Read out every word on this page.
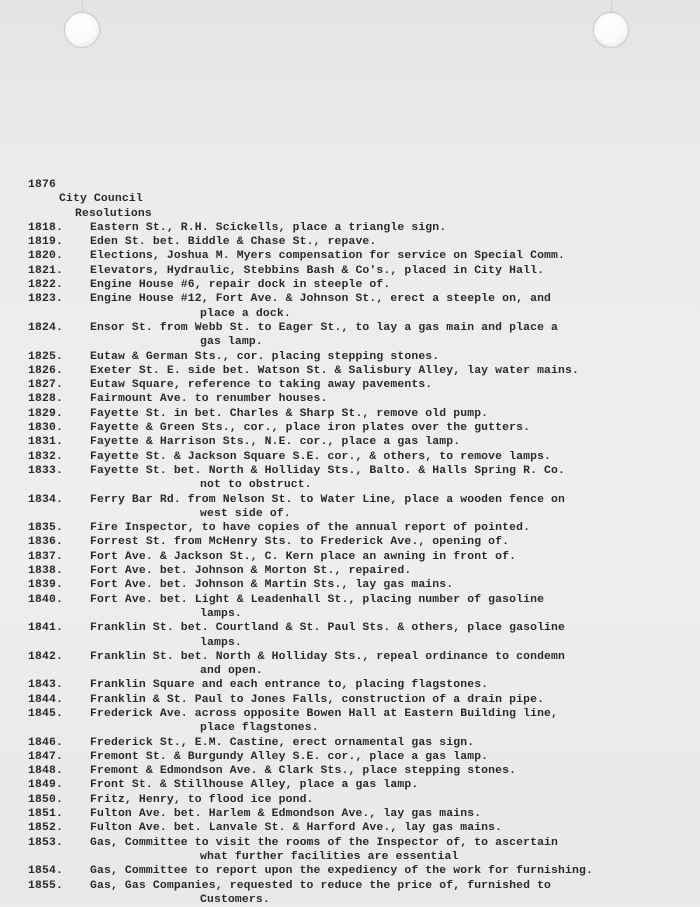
1876
City Council
Resolutions
1818.	Eastern St., R.H. Scickells, place a triangle sign.
1819.	Eden St. bet. Biddle & Chase St., repave.
1820.	Elections, Joshua M. Myers compensation for service on Special Comm.
1821.	Elevators, Hydraulic, Stebbins Bash & Co's., placed in City Hall.
1822.	Engine House #6, repair dock in steeple of.
1823.	Engine House #12, Fort Ave. & Johnson St., erect a steeple on, and
place a dock.
1824.	Ensor St. from Webb St. to Eager St., to lay a gas main and place a
gas lamp.
1825.	Eutaw & German Sts., cor. placing stepping stones.
1826.	Exeter St. E. side bet. Watson St. & Salisbury Alley, lay water mains.
1827.	Eutaw Square, reference to taking away pavements.
1828.	Fairmount Ave. to renumber houses.
1829.	Fayette St. in bet. Charles & Sharp St., remove old pump.
1830.	Fayette & Green Sts., cor., place iron plates over the gutters.
1831.	Fayette & Harrison Sts., N.E. cor., place a gas lamp.
1832.	Fayette St. & Jackson Square S.E. cor., & others, to remove lamps.
1833.	Fayette St. bet. North & Holliday Sts., Balto. & Halls Spring R. Co.
not to obstruct.
1834.	Ferry Bar Rd. from Nelson St. to Water Line, place a wooden fence on
west side of.
1835.	Fire Inspector, to have copies of the annual report of pointed.
1836.	Forrest St. from McHenry Sts. to Frederick Ave., opening of.
1837.	Fort Ave. & Jackson St., C. Kern place an awning in front of.
1838.	Fort Ave. bet. Johnson & Morton St., repaired.
1839.	Fort Ave. bet. Johnson & Martin Sts., lay gas mains.
1840.	Fort Ave. bet. Light & Leadenhall St., placing number of gasoline
lamps.
1841.	Franklin St. bet. Courtland & St. Paul Sts. & others, place gasoline
lamps.
1842.	Franklin St. bet. North & Holliday Sts., repeal ordinance to condemn
and open.
1843.	Franklin Square and each entrance to, placing flagstones.
1844.	Franklin & St. Paul to Jones Falls, construction of a drain pipe.
1845.	Frederick Ave. across opposite Bowen Hall at Eastern Building line,
place flagstones.
1846.	Frederick St., E.M. Castine, erect ornamental gas sign.
1847.	Fremont St. & Burgundy Alley S.E. cor., place a gas lamp.
1848.	Fremont & Edmondson Ave. & Clark Sts., place stepping stones.
1849.	Front St. & Stillhouse Alley, place a gas lamp.
1850.	Fritz, Henry, to flood ice pond.
1851.	Fulton Ave. bet. Harlem & Edmondson Ave., lay gas mains.
1852.	Fulton Ave. bet. Lanvale St. & Harford Ave., lay gas mains.
1853.	Gas, Committee to visit the rooms of the Inspector of, to ascertain
what further facilities are essential
1854.	Gas, Committee to report upon the expediency of the work for furnishing.
1855.	Gas, Gas Companies, requested to reduce the price of, furnished to
Customers.
